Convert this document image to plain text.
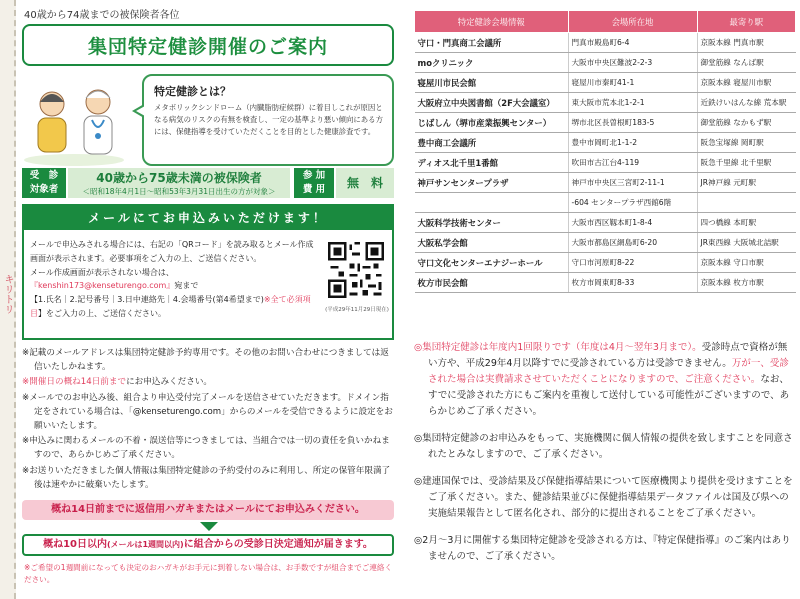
キリトリ
40歳から74歳までの被保険者各位
集団特定健診開催のご案内
特定健診とは？
メタボリックシンドローム（内臓脂肪症候群）に着目しこれが原因となる病気のリスクの有無を検査し、一定の基準より悪い傾向にある方には、保健指導を受けていただくことを目的とした健康診査です。
受　診
対象者
40歳から75歳未満の被保険者
＜昭和18年4月1日～昭和53年3月31日出生の方が対象＞
参 加
費 用	無　料
メールにてお申込みいただけます！
メールで申込みされる場合には、右記の「QRコード」を読み取るとメール作成画面が表示されます。必要事項をご入力の上、ご送信ください。
メール作成画面が表示されない場合は、
『kenshin173@kenseturengo.com』宛まで
【1.氏名｜2.記号番号｜3.日中連絡先｜4.会場番号(第4希望まで)※全て必須項目】をご入力の上、ご送信ください。	(平成29年11月29日現在)

※記載のメールアドレスは集団特定健診予約専用です。その他のお問い合わせにつきましては返信いたしかねます。

※開催日の概ね14日前までにお申込みください。

※メールでのお申込み後、組合より申込受付完了メールを送信させていただきます。ドメイン指定をされている場合は、「@kenseturengo.com」からのメールを受信できるように設定をお願いいたします。

※申込みに関わるメールの不着・誤送信等につきましては、当組合では一切の責任を負いかねますので、あらかじめご了承ください。

※お送りいただきました個人情報は集団特定健診の予約受付のみに利用し、所定の保管年限満了後は速やかに破棄いたします。

概ね14日前までに返信用ハガキまたはメールにてお申込みください。
概ね10日以内(メールは1週間以内)に組合からの受診日決定通知が届きます。
※ご希望の1週間前になっても決定のおハガキがお手元に到着しない場合は、お手数ですが組合までご連絡ください。
特定健診会場情報	会場所在地	最寄り駅
守口・門真商工会議所	門真市殿島町6-4	京阪本線 門真市駅
moクリニック	大阪市中央区難波2-2-3	御堂筋線 なんば駅
寝屋川市民会館	寝屋川市秦町41-1	京阪本線 寝屋川市駅
大阪府立中央図書館（2F大会議室）	東大阪市荒本北1-2-1	近鉄けいはんな線 荒本駅
じばしん（堺市産業振興センター）	堺市北区長曽根町183-5	御堂筋線 なかもず駅
豊中商工会議所	豊中市岡町北1-1-2	阪急宝塚線 岡町駅
ディオス北千里1番館	吹田市古江台4-119	阪急千里線 北千里駅
神戸サンセンタープラザ	神戸市中央区三宮町2-11-1	JR神戸線 元町駅
	-604 センタープラザ西館6階	
大阪科学技術センター	大阪市西区靱本町1-8-4	四つ橋線 本町駅
大阪私学会館	大阪市都島区網島町6-20	JR東西線 大阪城北詰駅
守口文化センターエナジーホール	守口市河原町8-22	京阪本線 守口市駅
枚方市民会館	枚方市岡東町8-33	京阪本線 枚方市駅

◎集団特定健診は年度内1回限りです（年度は4月～翌年3月まで）。受診時点で資格が無い方や、平成29年4月以降すでに受診されている方は受診できません。万が一、受診された場合は実費請求させていただくことになりますので、ご注意ください。なお、すでに受診された方にもご案内を重複して送付している可能性がございますので、あらかじめご了承ください。

◎集団特定健診のお申込みをもって、実施機関に個人情報の提供を致しますことを同意されたとみなしますので、ご了承ください。

◎建連国保では、受診結果及び保健指導結果について医療機関より提供を受けますことをご了承ください。また、健診結果並びに保健指導結果データファイルは国及び県への実施結果報告として匿名化され、部分的に提出されることをご了承ください。

◎2月～3月に開催する集団特定健診を受診される方は、『特定保健指導』のご案内はありませんので、ご了承ください。
